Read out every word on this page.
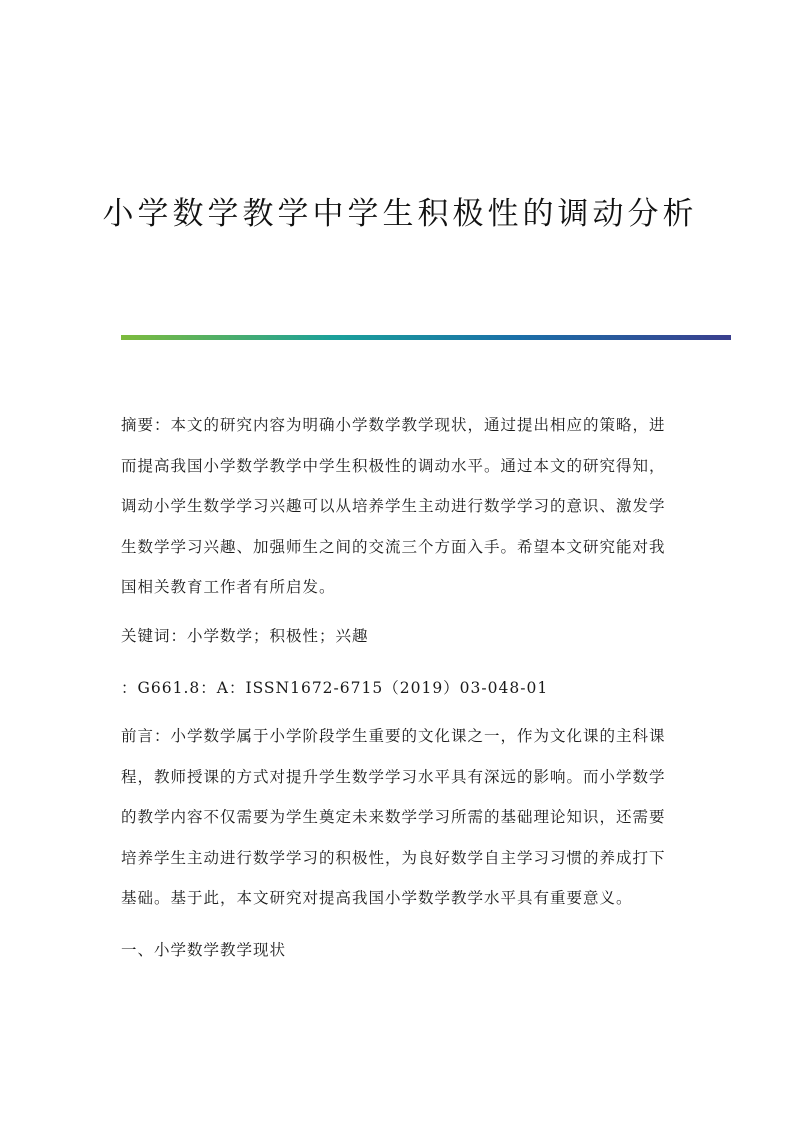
小学数学教学中学生积极性的调动分析
摘要：本文的研究内容为明确小学数学教学现状，通过提出相应的策略，进而提高我国小学数学教学中学生积极性的调动水平。通过本文的研究得知，调动小学生数学学习兴趣可以从培养学生主动进行数学学习的意识、激发学生数学学习兴趣、加强师生之间的交流三个方面入手。希望本文研究能对我国相关教育工作者有所启发。
关键词：小学数学；积极性；兴趣
：G661.8：A：ISSN1672-6715（2019）03-048-01
前言：小学数学属于小学阶段学生重要的文化课之一，作为文化课的主科课程，教师授课的方式对提升学生数学学习水平具有深远的影响。而小学数学的教学内容不仅需要为学生奠定未来数学学习所需的基础理论知识，还需要培养学生主动进行数学学习的积极性，为良好数学自主学习习惯的养成打下基础。基于此，本文研究对提高我国小学数学教学水平具有重要意义。
一、小学数学教学现状
